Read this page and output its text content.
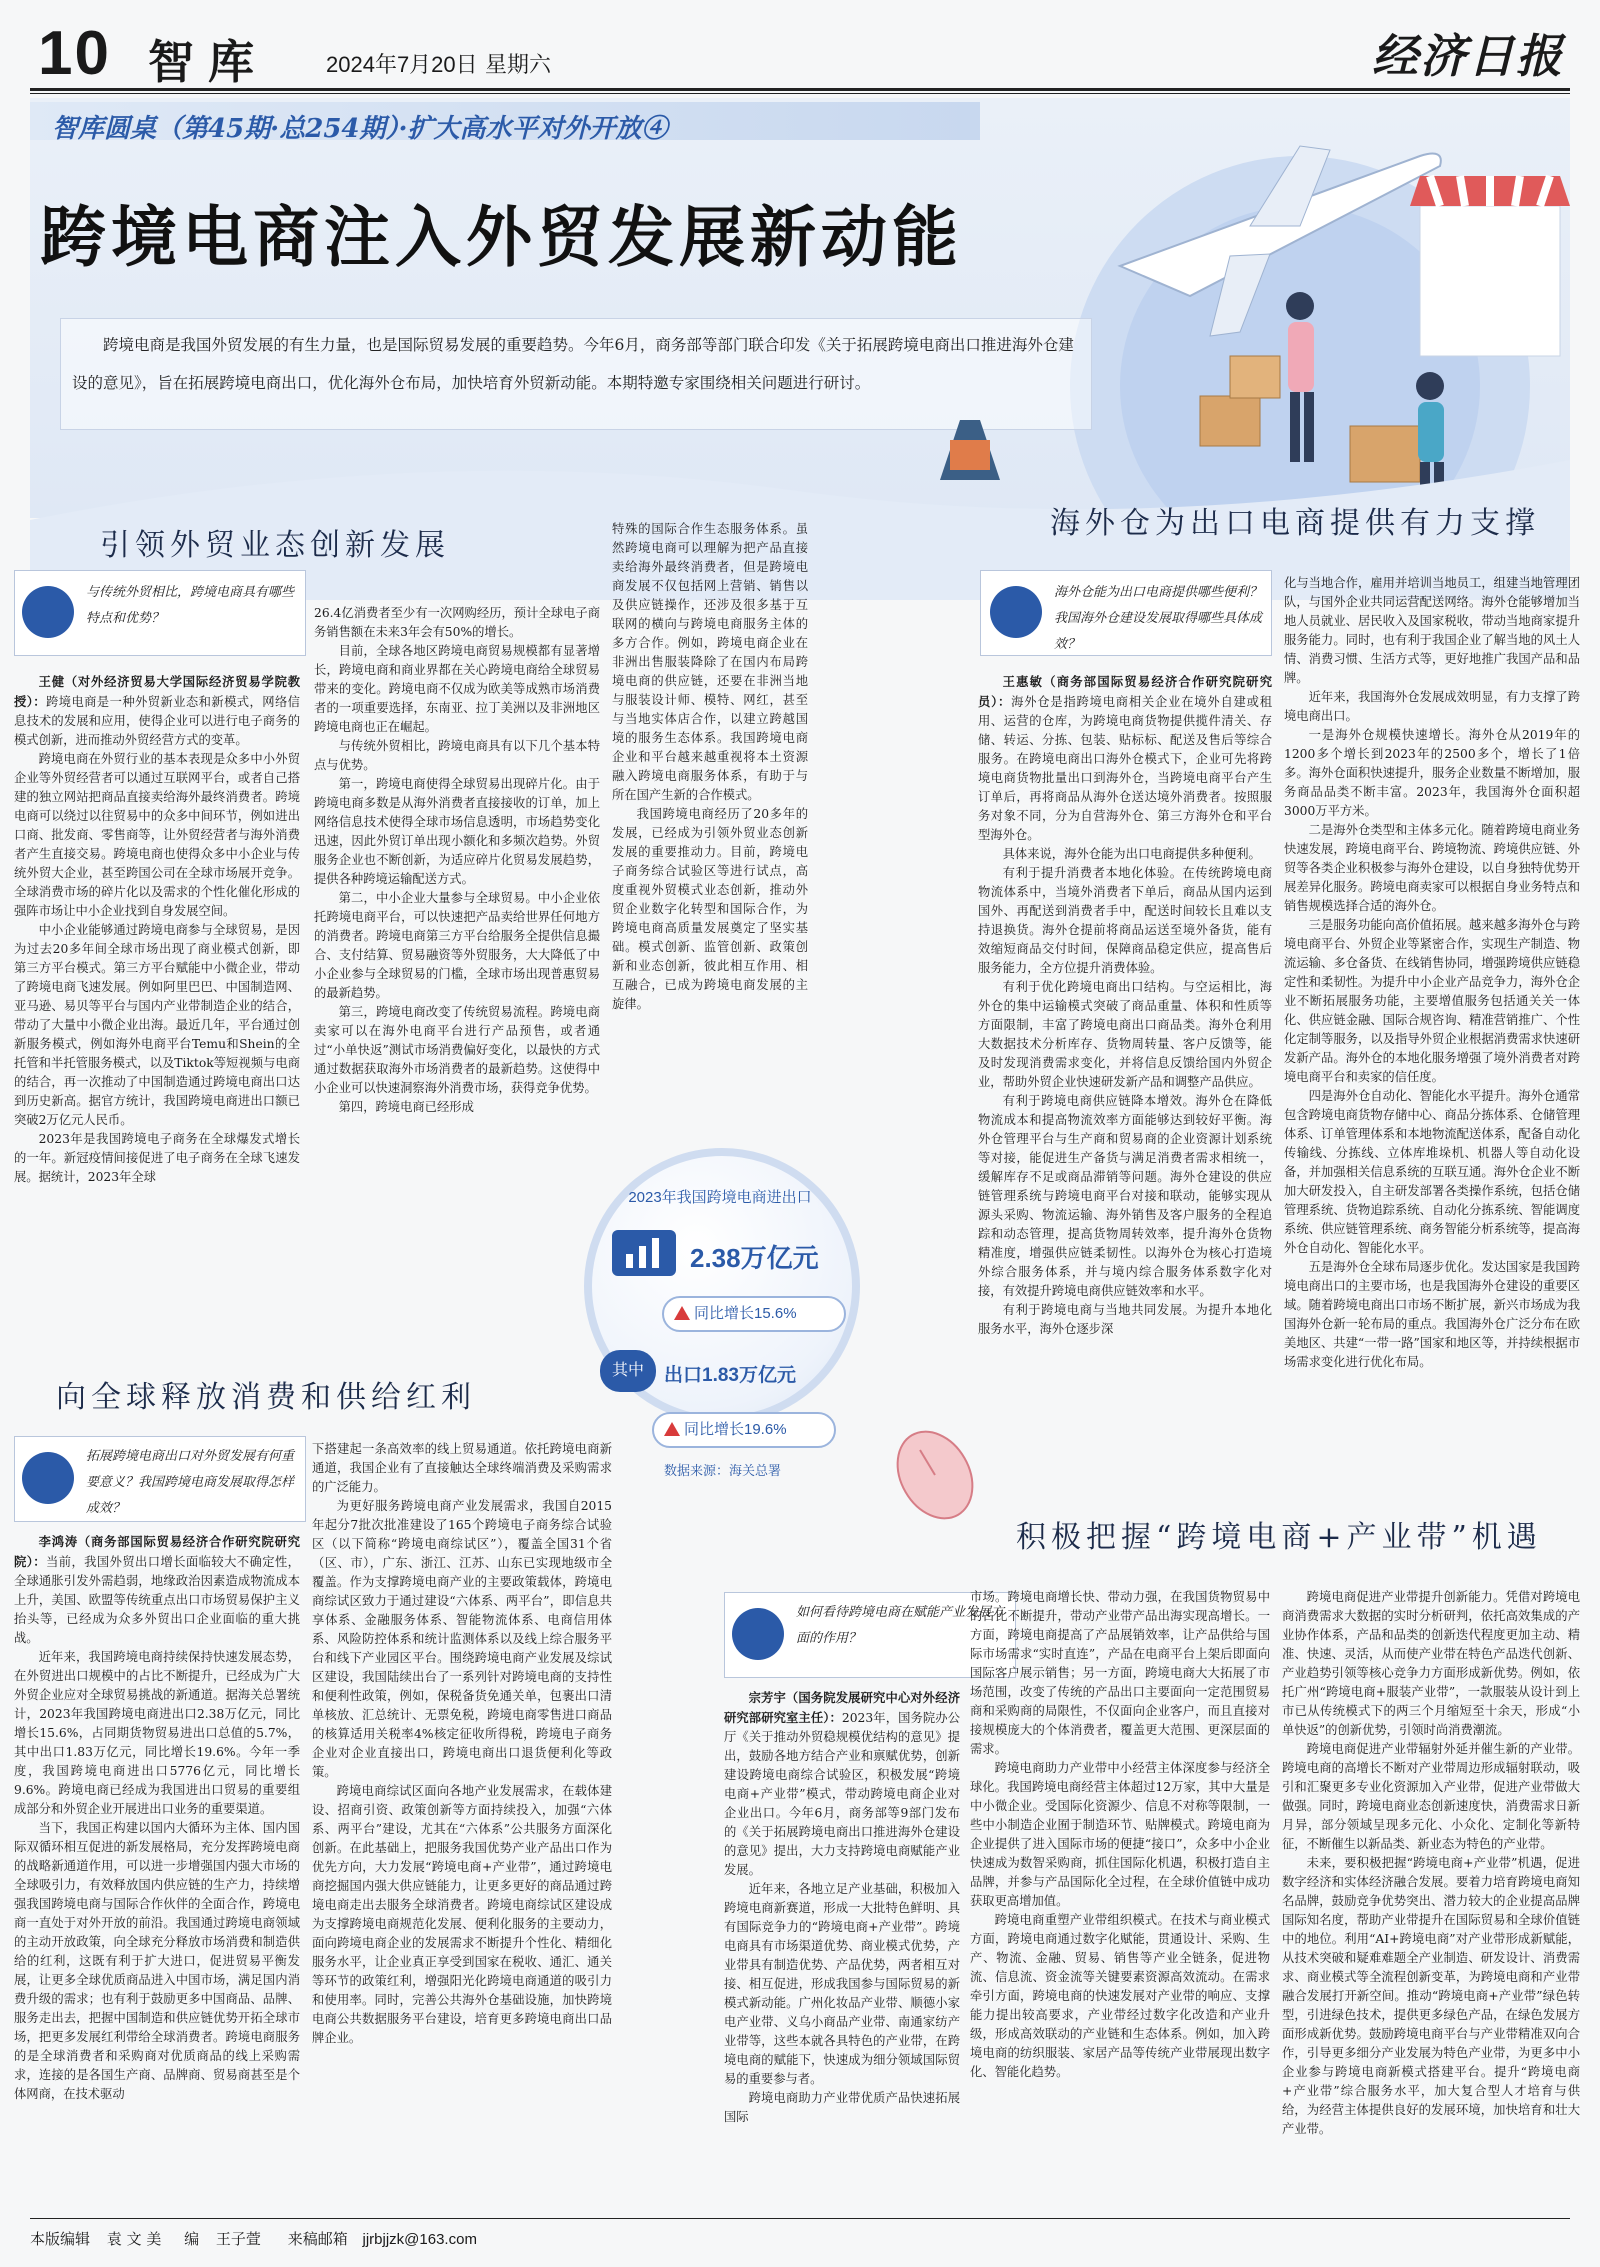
10 智库	2024年7月20日 星期六	经济日报
智库圆桌（第45期·总254期）·扩大高水平对外开放④
跨境电商注入外贸发展新动能
跨境电商是我国外贸发展的有生力量，也是国际贸易发展的重要趋势。今年6月，商务部等部门联合印发《关于拓展跨境电商出口推进海外仓建设的意见》，旨在拓展跨境电商出口，优化海外仓布局，加快培育外贸新动能。本期特邀专家围绕相关问题进行研讨。
引领外贸业态创新发展
与传统外贸相比，跨境电商具有哪些特点和优势？

王健（对外经济贸易大学国际经济贸易学院教授）：跨境电商是一种外贸新业态和新模式，网络信息技术的发展和应用，使得企业可以进行电子商务的模式创新，进而推动外贸经营方式的变革。

跨境电商在外贸行业的基本表现是众多中小外贸企业等外贸经营者可以通过互联网平台，或者自己搭建的独立网站把商品直接卖给海外最终消费者。跨境电商可以绕过以往贸易中的众多中间环节，例如进出口商、批发商、零售商等，让外贸经营者与海外消费者产生直接交易。跨境电商也使得众多中小企业与传统外贸大企业，甚至跨国公司在全球市场展开竞争。全球消费市场的碎片化以及需求的个性化催化形成的强阵市场让中小企业找到自身发展空间。

中小企业能够通过跨境电商参与全球贸易，是因为过去20多年间全球市场出现了商业模式创新，即第三方平台模式。第三方平台赋能中小微企业，带动了跨境电商飞速发展。例如阿里巴巴、中国制造网、亚马逊、易贝等平台与国内产业带制造企业的结合，带动了大量中小微企业出海。最近几年，平台通过创新服务模式，例如海外电商平台Temu和Shein的全托管和半托管服务模式，以及Tiktok等短视频与电商的结合，再一次推动了中国制造通过跨境电商出口达到历史新高。据官方统计，我国跨境电商进出口额已突破2万亿元人民币。

2023年是我国跨境电子商务在全球爆发式增长的一年。新冠疫情间接促进了电子商务在全球飞速发展。据统计，2023年全球

26.4亿消费者至少有一次网购经历，预计全球电子商务销售额在未来3年会有50%的增长。

目前，全球各地区跨境电商贸易规模都有显著增长，跨境电商和商业界都在关心跨境电商给全球贸易带来的变化。跨境电商不仅成为欧美等成熟市场消费者的一项重要选择，东南亚、拉丁美洲以及非洲地区跨境电商也正在崛起。

与传统外贸相比，跨境电商具有以下几个基本特点与优势。

第一，跨境电商使得全球贸易出现碎片化。由于跨境电商多数是从海外消费者直接接收的订单，加上网络信息技术使得全球市场信息透明，市场趋势变化迅速，因此外贸订单出现小额化和多频次趋势。外贸服务企业也不断创新，为适应碎片化贸易发展趋势，提供各种跨境运输配送方式。

第二，中小企业大量参与全球贸易。中小企业依托跨境电商平台，可以快速把产品卖给世界任何地方的消费者。跨境电商第三方平台给服务全提供信息撮合、支付结算、贸易融资等外贸服务，大大降低了中小企业参与全球贸易的门槛，全球市场出现普惠贸易的最新趋势。

第三，跨境电商改变了传统贸易流程。跨境电商卖家可以在海外电商平台进行产品预售，或者通过“小单快返”测试市场消费偏好变化，以最快的方式通过数据获取海外市场消费者的最新趋势。这使得中小企业可以快速洞察海外消费市场，获得竞争优势。

第四，跨境电商已经形成

特殊的国际合作生态服务体系。虽然跨境电商可以理解为把产品直接卖给海外最终消费者，但是跨境电商发展不仅包括网上营销、销售以及供应链操作，还涉及很多基于互联网的横向与跨境电商服务主体的多方合作。例如，跨境电商企业在非洲出售服装降除了在国内布局跨境电商的供应链，还要在非洲当地与服装设计师、模特、网红，甚至与当地实体店合作，以建立跨越国境的服务生态体系。我国跨境电商企业和平台越来越重视将本土资源融入跨境电商服务体系，有助于与所在国产生新的合作模式。

我国跨境电商经历了20多年的发展，已经成为引领外贸业态创新发展的重要推动力。目前，跨境电子商务综合试验区等进行试点，高度重视外贸模式业态创新，推动外贸企业数字化转型和国际合作，为跨境电商高质量发展奠定了坚实基础。模式创新、监管创新、政策创新和业态创新，彼此相互作用、相互融合，已成为跨境电商发展的主旋律。

2023年我国跨境电商进出口
2.38万亿元
同比增长15.6%
其中	出口1.83万亿元
同比增长19.6%
数据来源：海关总署
海外仓为出口电商提供有力支撑
海外仓能为出口电商提供哪些便利？我国海外仓建设发展取得哪些具体成效？

王惠敏（商务部国际贸易经济合作研究院研究员）：海外仓是指跨境电商相关企业在境外自建或租用、运营的仓库，为跨境电商货物提供揽件清关、存储、转运、分拣、包装、贴标标、配送及售后等综合服务。在跨境电商出口海外仓模式下，企业可先将跨境电商货物批量出口到海外仓，当跨境电商平台产生订单后，再将商品从海外仓送达境外消费者。按照服务对象不同，分为自营海外仓、第三方海外仓和平台型海外仓。

具体来说，海外仓能为出口电商提供多种便利。

有利于提升消费者本地化体验。在传统跨境电商物流体系中，当境外消费者下单后，商品从国内运到国外、再配送到消费者手中，配送时间较长且难以支持退换货。海外仓提前将商品运送至境外备货，能有效缩短商品交付时间，保障商品稳定供应，提高售后服务能力，全方位提升消费体验。

有利于优化跨境电商出口结构。与空运相比，海外仓的集中运输模式突破了商品重量、体积和性质等方面限制，丰富了跨境电商出口商品类。海外仓利用大数据技术分析库存、货物周转量、客户反馈等，能及时发现消费需求变化，并将信息反馈给国内外贸企业，帮助外贸企业快速研发新产品和调整产品供应。

有利于跨境电商供应链降本增效。海外仓在降低物流成本和提高物流效率方面能够达到较好平衡。海外仓管理平台与生产商和贸易商的企业资源计划系统等对接，能促进生产备货与满足消费者需求相统一，缓解库存不足或商品滞销等问题。海外仓建设的供应链管理系统与跨境电商平台对接和联动，能够实现从源头采购、物流运输、海外销售及客户服务的全程追踪和动态管理，提高货物周转效率，提升海外仓货物精准度，增强供应链柔韧性。以海外仓为核心打造境外综合服务体系，并与境内综合服务体系数字化对接，有效提升跨境电商供应链效率和水平。

有利于跨境电商与当地共同发展。为提升本地化服务水平，海外仓逐步深

化与当地合作，雇用并培训当地员工，组建当地管理团队，与国外企业共同运营配送网络。海外仓能够增加当地人员就业、居民收入及国家税收，带动当地商家提升服务能力。同时，也有利于我国企业了解当地的风土人情、消费习惯、生活方式等，更好地推广我国产品和品牌。

近年来，我国海外仓发展成效明显，有力支撑了跨境电商出口。

一是海外仓规模快速增长。海外仓从2019年的1200多个增长到2023年的2500多个，增长了1倍多。海外仓面积快速提升，服务企业数量不断增加，服务商品品类不断丰富。2023年，我国海外仓面积超3000万平方米。

二是海外仓类型和主体多元化。随着跨境电商业务快速发展，跨境电商平台、跨境物流、跨境供应链、外贸等各类企业积极参与海外仓建设，以自身独特优势开展差异化服务。跨境电商卖家可以根据自身业务特点和销售规模选择合适的海外仓。

三是服务功能向高价值拓展。越来越多海外仓与跨境电商平台、外贸企业等紧密合作，实现生产制造、物流运输、多仓备货、在线销售协同，增强跨境供应链稳定性和柔韧性。为提升中小企业产品竞争力，海外仓企业不断拓展服务功能，主要增值服务包括通关关一体化、供应链金融、国际合规咨询、精准营销推广、个性化定制等服务，以及指导外贸企业根据消费需求快速研发新产品。海外仓的本地化服务增强了境外消费者对跨境电商平台和卖家的信任度。

四是海外仓自动化、智能化水平提升。海外仓通常包含跨境电商货物存储中心、商品分拣体系、仓储管理体系、订单管理体系和本地物流配送体系，配备自动化传输线、分拣线、立体库堆垛机、机器人等自动化设备，并加强相关信息系统的互联互通。海外仓企业不断加大研发投入，自主研发部署各类操作系统，包括仓储管理系统、货物追踪系统、自动化分拣系统、智能调度系统、供应链管理系统、商务智能分析系统等，提高海外仓自动化、智能化水平。

五是海外仓全球布局逐步优化。发达国家是我国跨境电商出口的主要市场，也是我国海外仓建设的重要区域。随着跨境电商出口市场不断扩展，新兴市场成为我国海外仓新一轮布局的重点。我国海外仓广泛分布在欧美地区、共建“一带一路”国家和地区等，并持续根据市场需求变化进行优化布局。

向全球释放消费和供给红利
拓展跨境电商出口对外贸发展有何重要意义？我国跨境电商发展取得怎样成效？

李鸿涛（商务部国际贸易经济合作研究院研究院）：当前，我国外贸出口增长面临较大不确定性，全球通胀引发外需趋弱，地缘政治因素造成物流成本上升，美国、欧盟等传统重点出口市场贸易保护主义抬头等，已经成为众多外贸出口企业面临的重大挑战。

近年来，我国跨境电商持续保持快速发展态势，在外贸进出口规模中的占比不断提升，已经成为广大外贸企业应对全球贸易挑战的新通道。据海关总署统计，2023年我国跨境电商进出口2.38万亿元，同比增长15.6%，占同期货物贸易进出口总值的5.7%，其中出口1.83万亿元，同比增长19.6%。今年一季度，我国跨境电商进出口5776亿元，同比增长9.6%。跨境电商已经成为我国进出口贸易的重要组成部分和外贸企业开展进出口业务的重要渠道。

当下，我国正构建以国内大循环为主体、国内国际双循环相互促进的新发展格局，充分发挥跨境电商的战略新通道作用，可以进一步增强国内强大市场的全球吸引力，有效释放国内供应链的生产力，持续增强我国跨境电商与国际合作伙伴的全面合作，跨境电商一直处于对外开放的前沿。我国通过跨境电商领域的主动开放政策，向全球充分释放市场消费和制造供给的红利，这既有利于扩大进口，促进贸易平衡发展，让更多全球优质商品进入中国市场，满足国内消费升级的需求；也有利于鼓励更多中国商品、品牌、服务走出去，把握中国制造和供应链优势开拓全球市场，把更多发展红利带给全球消费者。跨境电商服务的是全球消费者和采购商对优质商品的线上采购需求，连接的是各国生产商、品牌商、贸易商甚至是个体网商，在技术驱动

下搭建起一条高效率的线上贸易通道。依托跨境电商新通道，我国企业有了直接触达全球终端消费及采购需求的广泛能力。

为更好服务跨境电商产业发展需求，我国自2015年起分7批次批准建设了165个跨境电子商务综合试验区（以下简称“跨境电商综试区”），覆盖全国31个省（区、市），广东、浙江、江苏、山东已实现地级市全覆盖。作为支撑跨境电商产业的主要政策载体，跨境电商综试区致力于通过建设“六体系、两平台”，即信息共享体系、金融服务体系、智能物流体系、电商信用体系、风险防控体系和统计监测体系以及线上综合服务平台和线下产业园区平台。围绕跨境电商产业发展及综试区建设，我国陆续出台了一系列针对跨境电商的支持性和便利性政策，例如，保税备货免通关单，包裹出口清单核放、汇总统计、无票免税，跨境电商零售进口商品的核算适用关税率4%核定征收所得税，跨境电子商务企业对企业直接出口，跨境电商出口退货便利化等政策。

跨境电商综试区面向各地产业发展需求，在载体建设、招商引资、政策创新等方面持续投入，加强“六体系、两平台”建设，尤其在“六体系”公共服务方面深化创新。在此基础上，把服务我国优势产业产品出口作为优先方向，大力发展“跨境电商+产业带”，通过跨境电商挖掘国内强大供应链能力，让更多更好的商品通过跨境电商走出去服务全球消费者。跨境电商综试区建设成为支撑跨境电商规范化发展、便利化服务的主要动力，面向跨境电商企业的发展需求不断提升个性化、精细化服务水平，让企业真正享受到国家在税收、通汇、通关等环节的政策红利，增强阳光化跨境电商通道的吸引力和使用率。同时，完善公共海外仓基础设施，加快跨境电商公共数据服务平台建设，培育更多跨境电商出口品牌企业。

积极把握“跨境电商+产业带”机遇
如何看待跨境电商在赋能产业发展方面的作用？

宗芳宇（国务院发展研究中心对外经济研究部研究室主任）：2023年，国务院办公厅《关于推动外贸稳规模优结构的意见》提出，鼓励各地方结合产业和禀赋优势，创新建设跨境电商综合试验区，积极发展“跨境电商+产业带”模式，带动跨境电商企业对企业出口。今年6月，商务部等9部门发布的《关于拓展跨境电商出口推进海外仓建设的意见》提出，大力支持跨境电商赋能产业发展。

近年来，各地立足产业基础，积极加入跨境电商新赛道，形成一大批特色鲜明、具有国际竞争力的“跨境电商+产业带”。跨境电商具有市场渠道优势、商业模式优势，产业带具有制造优势、产品优势，两者相互对接、相互促进，形成我国参与国际贸易的新模式新动能。广州化妆品产业带、顺德小家电产业带、义乌小商品产业带、南通家纺产业带等，这些本就各具特色的产业带，在跨境电商的赋能下，快速成为细分领域国际贸易的重要参与者。

跨境电商助力产业带优质产品快速拓展国际

市场。跨境电商增长快、带动力强，在我国货物贸易中的占比不断提升，带动产业带产品出海实现高增长。一方面，跨境电商提高了产品展销效率，让产品供给与国际市场需求“实时直连”，产品在电商平台上架后即面向国际客户展示销售；另一方面，跨境电商大大拓展了市场范围，改变了传统的产品出口主要面向一定范围贸易商和采购商的局限性，不仅面向企业客户，而且直接对接规模庞大的个体消费者，覆盖更大范围、更深层面的需求。

跨境电商助力产业带中小经营主体深度参与经济全球化。我国跨境电商经营主体超过12万家，其中大量是中小微企业。受国际化资源少、信息不对称等限制，一些中小制造企业囿于制造环节、贴牌模式。跨境电商为企业提供了进入国际市场的便捷“接口”，众多中小企业快速成为数智采购商，抓住国际化机遇，积极打造自主品牌，并参与产品国际化全过程，在全球价值链中成功获取更高增加值。

跨境电商重塑产业带组织模式。在技术与商业模式方面，跨境电商通过数字化赋能，贯通设计、采购、生产、物流、金融、贸易、销售等产业全链条，促进物流、信息流、资金流等关键要素资源高效流动。在需求牵引方面，跨境电商的快速发展对产业带的响应、支撑能力提出较高要求，产业带经过数字化改造和产业升级，形成高效联动的产业链和生态体系。例如，加入跨境电商的纺织服装、家居产品等传统产业带展现出数字化、智能化趋势。

跨境电商促进产业带提升创新能力。凭借对跨境电商消费需求大数据的实时分析研判，依托高效集成的产业协作体系，产品和品类的创新迭代程度更加主动、精准、快速、灵活，从而使产业带在特色产品迭代创新、产业趋势引领等核心竞争力方面形成新优势。例如，依托广州“跨境电商+服装产业带”，一款服装从设计到上市已从传统模式下的两三个月缩短至十余天，形成“小单快返”的创新优势，引领时尚消费潮流。

跨境电商促进产业带辐射外延并催生新的产业带。跨境电商的高增长不断对产业带周边形成辐射联动，吸引和汇聚更多专业化资源加入产业带，促进产业带做大做强。同时，跨境电商业态创新速度快，消费需求日新月异，部分领域呈现多元化、小众化、定制化等新特征，不断催生以新品类、新业态为特色的产业带。

未来，要积极把握“跨境电商+产业带”机遇，促进数字经济和实体经济融合发展。要着力培育跨境电商知名品牌，鼓励竞争优势突出、潜力较大的企业提高品牌国际知名度，帮助产业带提升在国际贸易和全球价值链中的地位。利用“AI+跨境电商”对产业带形成新赋能，从技术突破和疑难难题全产业制造、研发设计、消费需求、商业模式等全流程创新变革，为跨境电商和产业带融合发展打开新空间。推动“跨境电商+产业带”绿色转型，引进绿色技术，提供更多绿色产品，在绿色发展方面形成新优势。鼓励跨境电商平台与产业带精准双向合作，引导更多细分产业发展为特色产业带，为更多中小企业参与跨境电商新模式搭建平台。提升“跨境电商+产业带”综合服务水平，加大复合型人才培育与供给，为经营主体提供良好的发展环境，加快培育和壮大产业带。

本版编辑 袁 文 美 编 王子萱 来稿邮箱 jjrbjjzk@163.com
